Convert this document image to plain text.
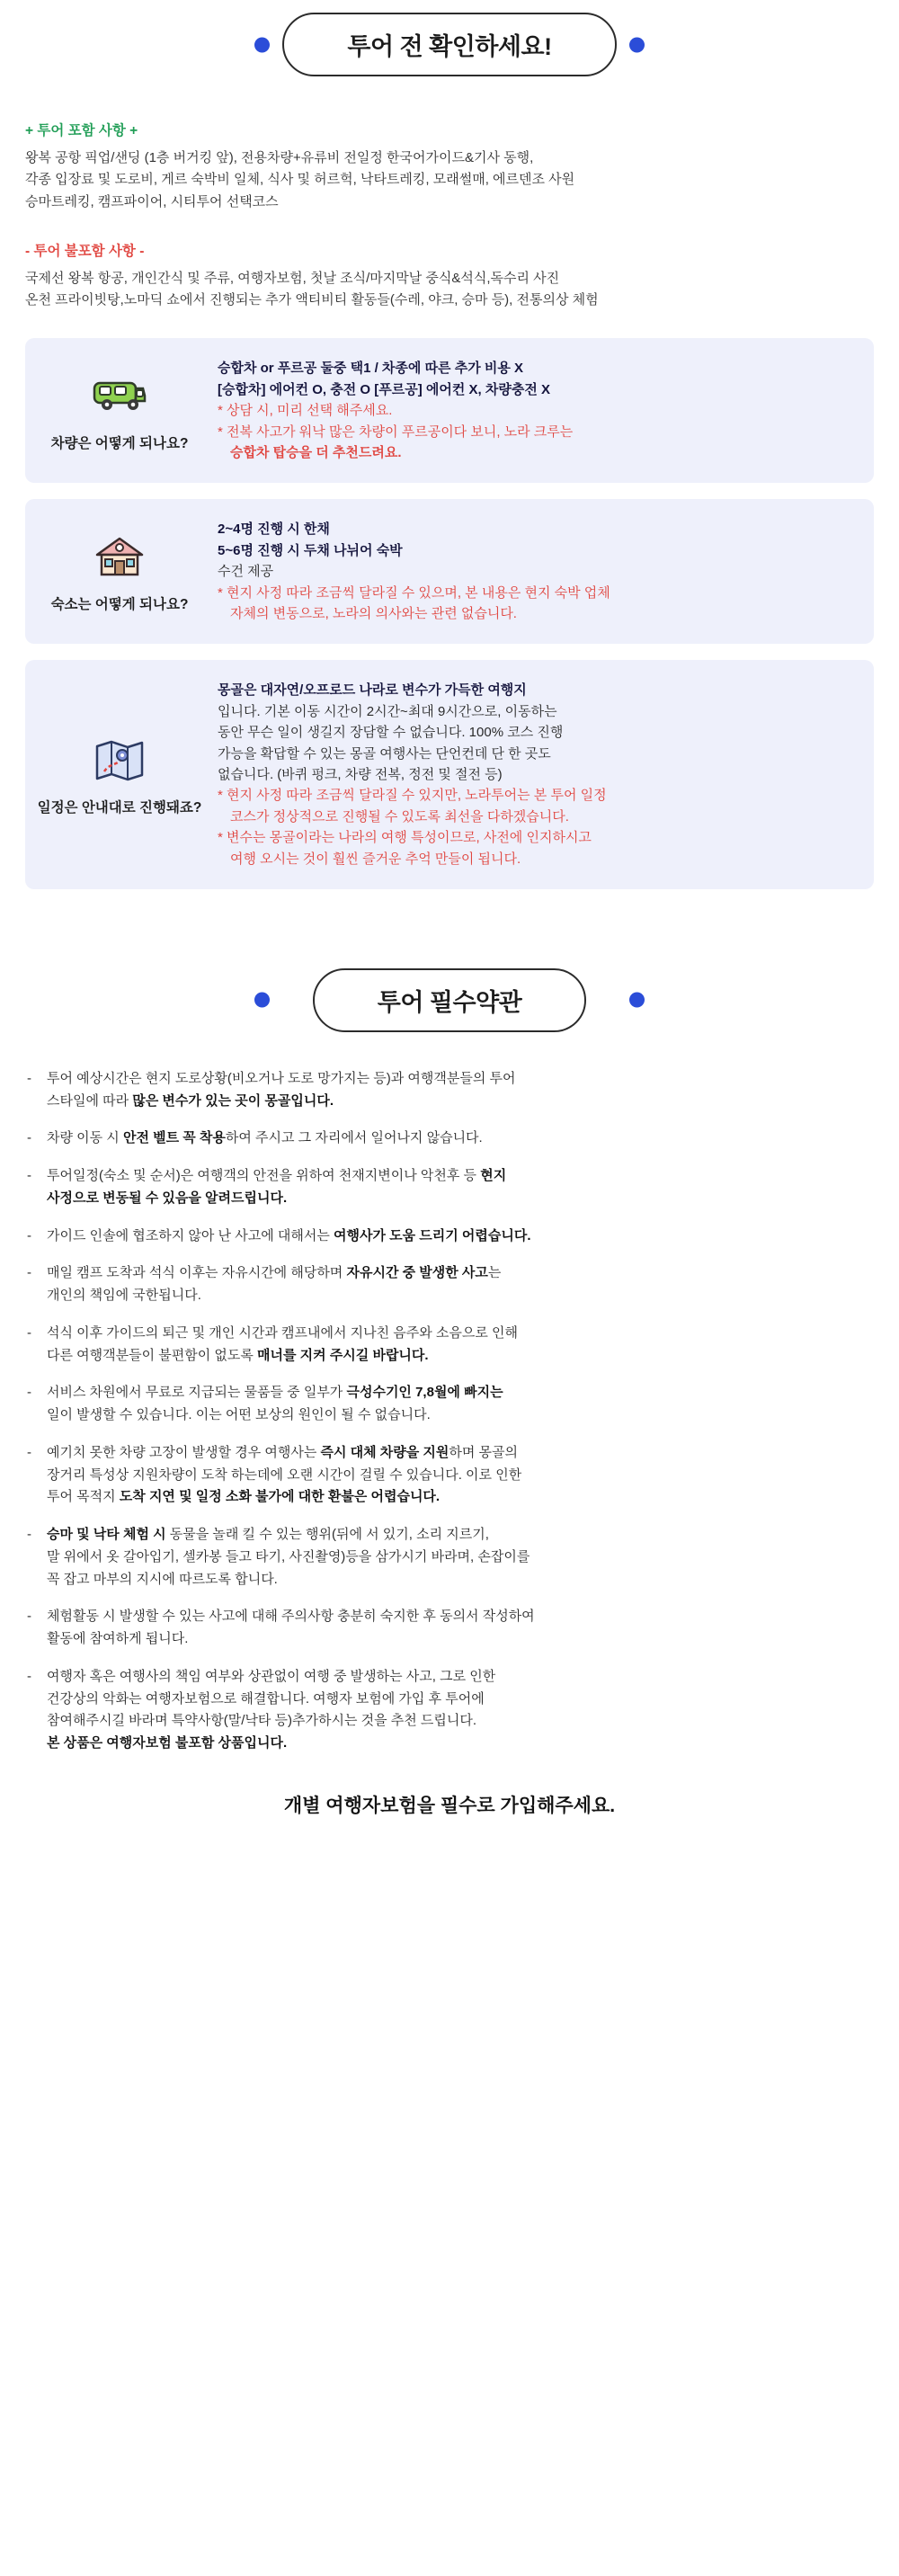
투어 전 확인하세요!
+ 투어 포함 사항 +
왕복 공항 픽업/샌딩 (1층 버거킹 앞), 전용차량+유류비 전일정 한국어가이드&기사 동행,
각종 입장료 및 도로비, 게르 숙박비 일체, 식사 및 허르헉, 낙타트레킹, 모래썰매, 에르덴조 사원
승마트레킹, 캠프파이어, 시티투어 선택코스
- 투어 불포함 사항 -
국제선 왕복 항공, 개인간식 및 주류, 여행자보험, 첫날 조식/마지막날 중식&석식,독수리 사진
온천 프라이빗탕,노마딕 쇼에서 진행되는 추가 액티비티 활동들(수레, 야크, 승마 등), 전통의상 체험
차량은 어떻게 되나요?
승합차 or 푸르공 둘중 택1 / 차종에 따른 추가 비용 X
[승합차] 에어컨 O, 충전 O [푸르공] 에어컨 X, 차량충전 X
* 상담 시, 미리 선택 해주세요.
* 전복 사고가 워낙 많은 차량이 푸르공이다 보니, 노라 크루는
승합차 탑승을 더 추천드려요.
숙소는 어떻게 되나요?
2~4명 진행 시 한채
5~6명 진행 시 두채 나뉘어 숙박
수건 제공
* 현지 사정 따라 조금씩 달라질 수 있으며, 본 내용은 현지 숙박 업체
자체의 변동으로, 노라의 의사와는 관련 없습니다.
일정은 안내대로 진행돼죠?
몽골은 대자연/오프로드 나라로 변수가 가득한 여행지
입니다. 기본 이동 시간이 2시간~최대 9시간으로, 이동하는
동안 무슨 일이 생길지 장담할 수 없습니다. 100% 코스 진행
가능을 확답할 수 있는 몽골 여행사는 단언컨데 단 한 곳도
없습니다. (바퀴 펑크, 차량 전복, 정전 및 절전 등)
* 현지 사정 따라 조금씩 달라질 수 있지만, 노라투어는 본 투어 일정
코스가 정상적으로 진행될 수 있도록 최선을 다하겠습니다.
* 변수는 몽골이라는 나라의 여행 특성이므로, 사전에 인지하시고
여행 오시는 것이 훨씬 즐거운 추억 만들이 됩니다.
투어 필수약관
-	투어 예상시간은 현지 도로상황(비오거나 도로 망가지는 등)과 여행객분들의 투어
스타일에 따라 많은 변수가 있는 곳이 몽골입니다.
-	차량 이동 시 안전 벨트 꼭 착용하여 주시고 그 자리에서 일어나지 않습니다.
-	투어일정(숙소 및 순서)은 여행객의 안전을 위하여 천재지변이나 악천후 등 현지
사정으로 변동될 수 있음을 알려드립니다.
-	가이드 인솔에 협조하지 않아 난 사고에 대해서는 여행사가 도움 드리기 어렵습니다.
-	매일 캠프 도착과 석식 이후는 자유시간에 해당하며 자유시간 중 발생한 사고는
개인의 책임에 국한됩니다.
-	석식 이후 가이드의 퇴근 및 개인 시간과 캠프내에서 지나친 음주와 소음으로 인해
다른 여행객분들이 불편함이 없도록 매너를 지켜 주시길 바랍니다.
-	서비스 차원에서 무료로 지급되는 물품들 중 일부가 극성수기인 7,8월에 빠지는
일이 발생할 수 있습니다. 이는 어떤 보상의 원인이 될 수 없습니다.
-	예기치 못한 차량 고장이 발생할 경우 여행사는 즉시 대체 차량을 지원하며 몽골의
장거리 특성상 지원차량이 도착 하는데에 오랜 시간이 걸릴 수 있습니다. 이로 인한
투어 목적지 도착 지연 및 일정 소화 불가에 대한 환불은 어렵습니다.
-	승마 및 낙타 체험 시 동물을 놀래 킬 수 있는 행위(뒤에 서 있기, 소리 지르기,
말 위에서 옷 갈아입기, 셀카봉 들고 타기, 사진촬영)등을 삼가시기 바라며, 손잡이를
꼭 잡고 마부의 지시에 따르도록 합니다.
-	체험활동 시 발생할 수 있는 사고에 대해 주의사항 충분히 숙지한 후 동의서 작성하여
활동에 참여하게 됩니다.
-	여행자 혹은 여행사의 책임 여부와 상관없이 여행 중 발생하는 사고, 그로 인한
건강상의 악화는 여행자보험으로 해결합니다. 여행자 보험에 가입 후 투어에
참여해주시길 바라며 특약사항(말/낙타 등)추가하시는 것을 추천 드립니다.
본 상품은 여행자보험 불포함 상품입니다.
개별 여행자보험을 필수로 가입해주세요.
